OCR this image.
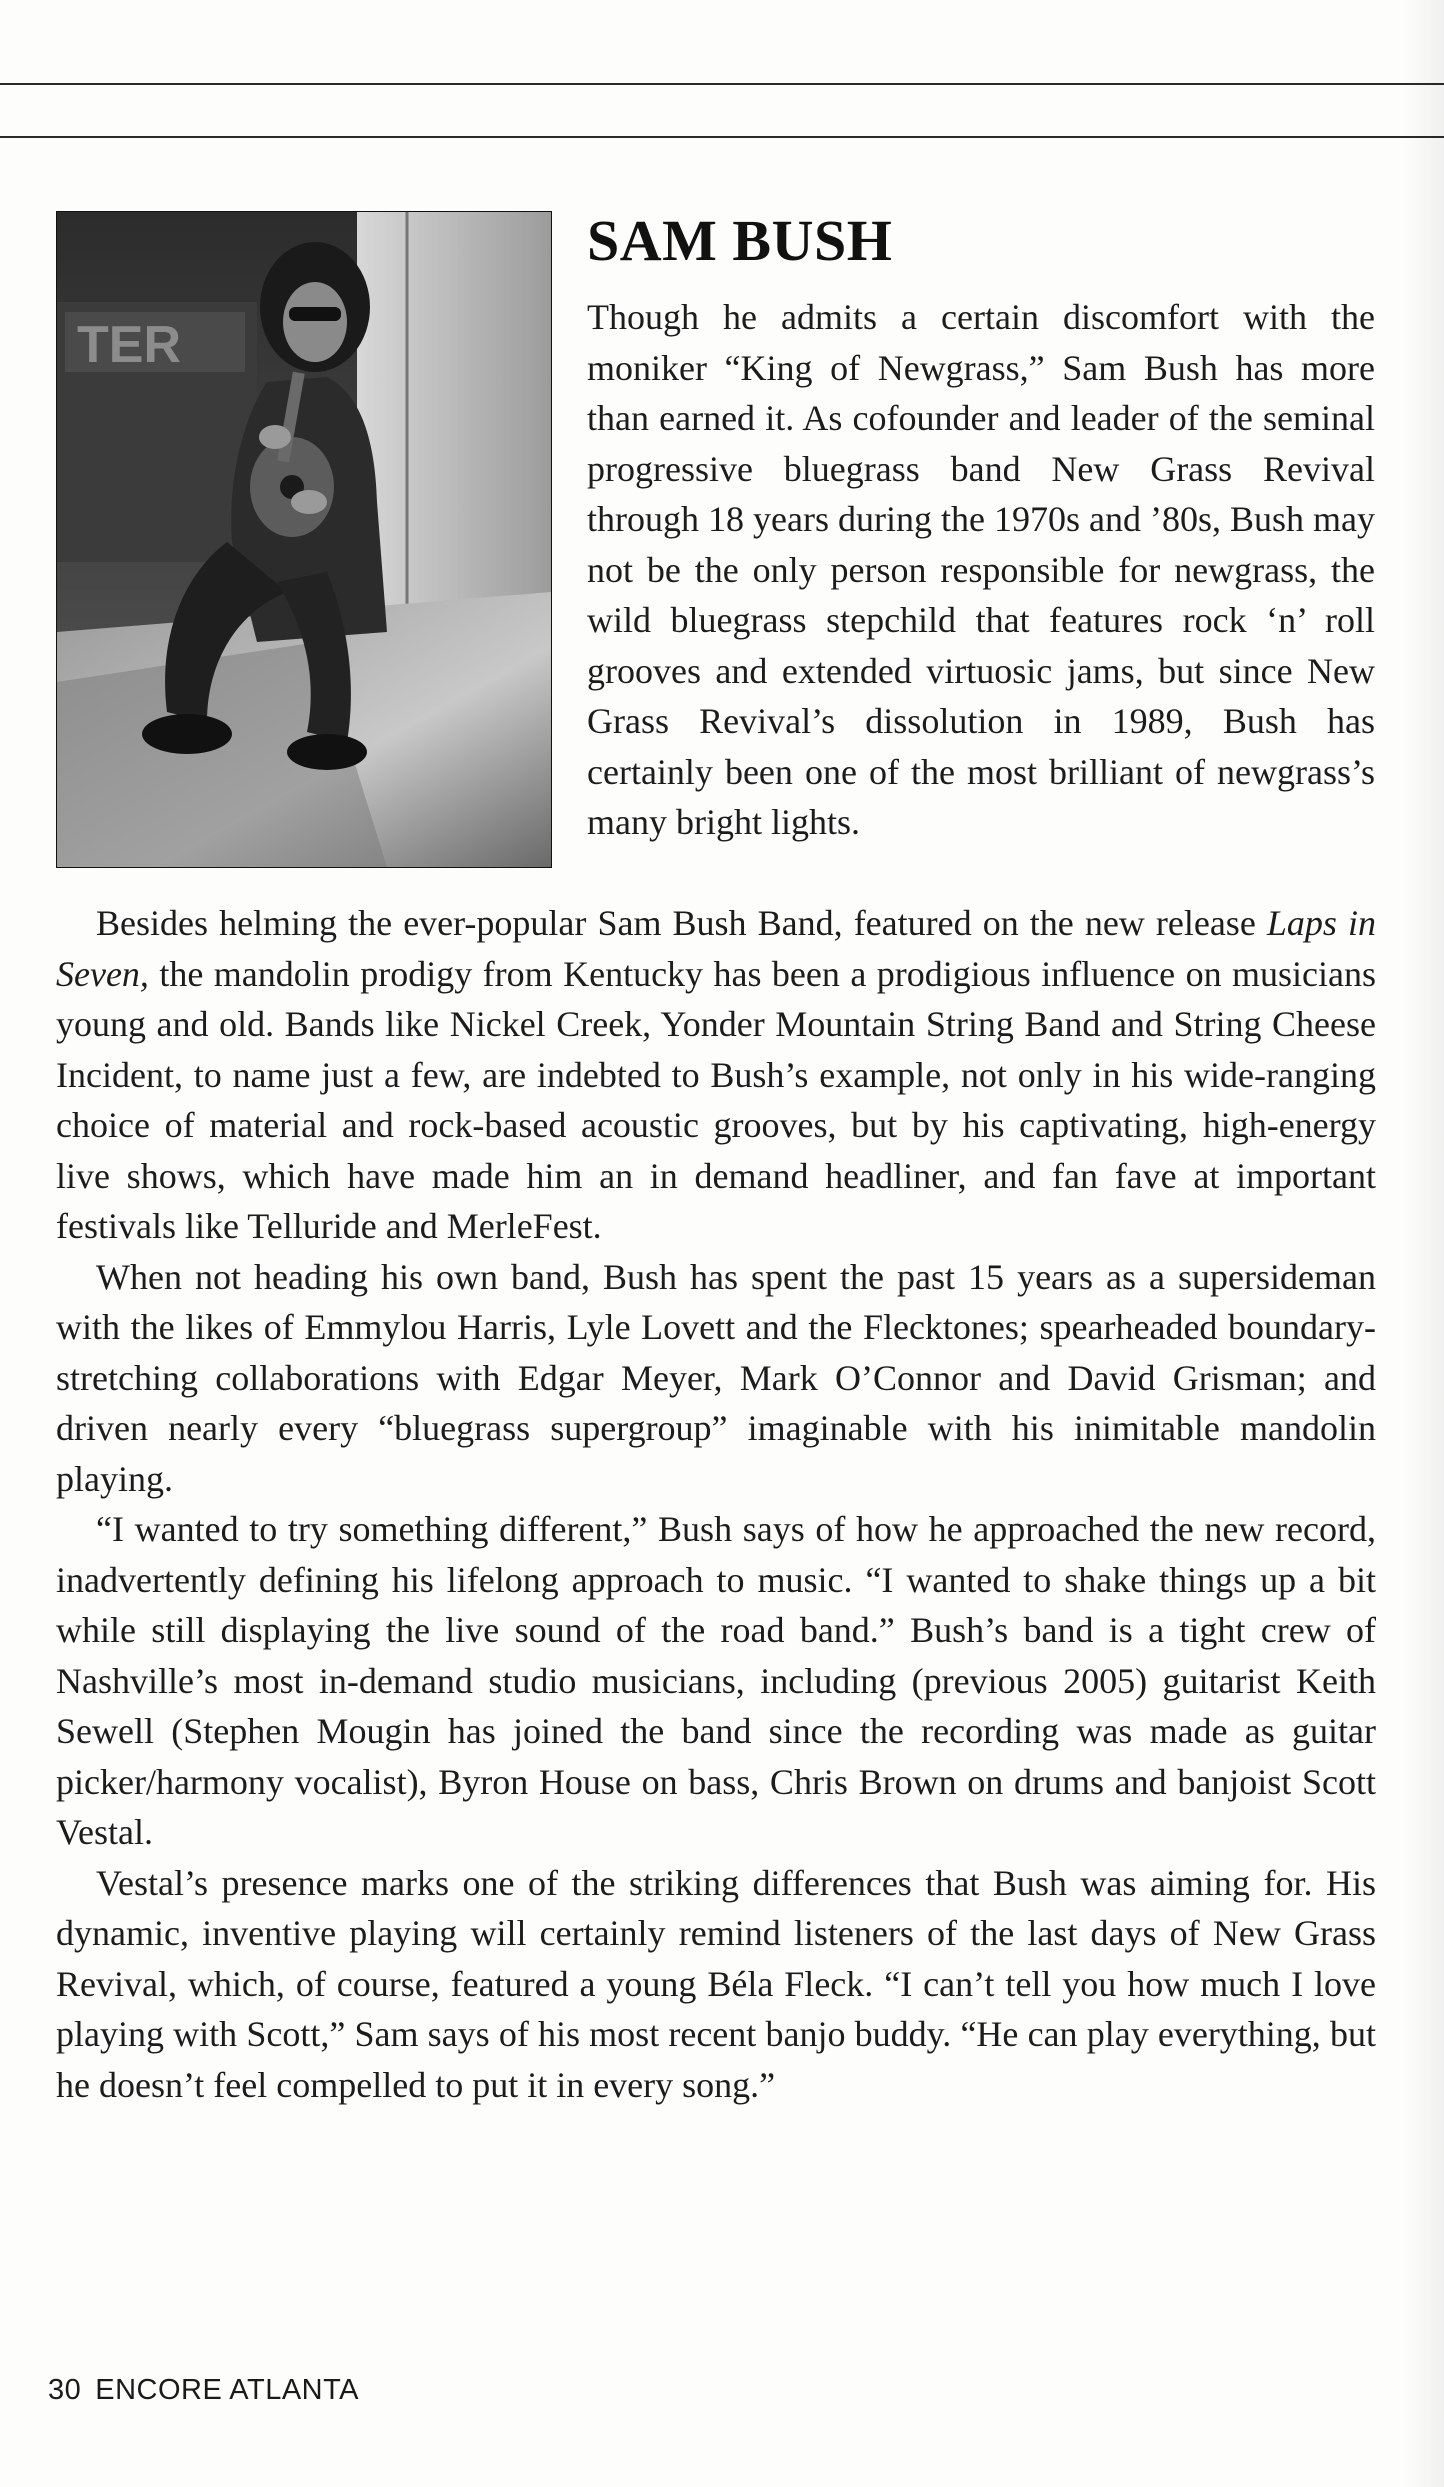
TER
SAM BUSH

Though he admits a certain discomfort with the moniker “King of Newgrass,” Sam Bush has more than earned it. As cofounder and leader of the seminal progressive bluegrass band New Grass Revival through 18 years during the 1970s and ’80s, Bush may not be the only person responsible for newgrass, the wild bluegrass stepchild that features rock ‘n’ roll grooves and extended virtuosic jams, but since New Grass Revival’s dissolution in 1989, Bush has certainly been one of the most brilliant of newgrass’s many bright lights.

Besides helming the ever-popular Sam Bush Band, featured on the new release Laps in Seven, the mandolin prodigy from Kentucky has been a prodigious influence on musicians young and old. Bands like Nickel Creek, Yonder Mountain String Band and String Cheese Incident, to name just a few, are indebted to Bush’s example, not only in his wide-ranging choice of material and rock-based acoustic grooves, but by his captivating, high-energy live shows, which have made him an in demand headliner, and fan fave at important festivals like Telluride and MerleFest.

When not heading his own band, Bush has spent the past 15 years as a supersideman with the likes of Emmylou Harris, Lyle Lovett and the Flecktones; spearheaded boundary-stretching collaborations with Edgar Meyer, Mark O’Connor and David Grisman; and driven nearly every “bluegrass supergroup” imaginable with his inimitable mandolin playing.

“I wanted to try something different,” Bush says of how he approached the new record, inadvertently defining his lifelong approach to music. “I wanted to shake things up a bit while still displaying the live sound of the road band.” Bush’s band is a tight crew of Nashville’s most in-demand studio musicians, including (previous 2005) guitarist Keith Sewell (Stephen Mougin has joined the band since the recording was made as guitar picker/harmony vocalist), Byron House on bass, Chris Brown on drums and banjoist Scott Vestal.

Vestal’s presence marks one of the striking differences that Bush was aiming for. His dynamic, inventive playing will certainly remind listeners of the last days of New Grass Revival, which, of course, featured a young Béla Fleck. “I can’t tell you how much I love playing with Scott,” Sam says of his most recent banjo buddy. “He can play everything, but he doesn’t feel compelled to put it in every song.”

30 ENCORE ATLANTA
